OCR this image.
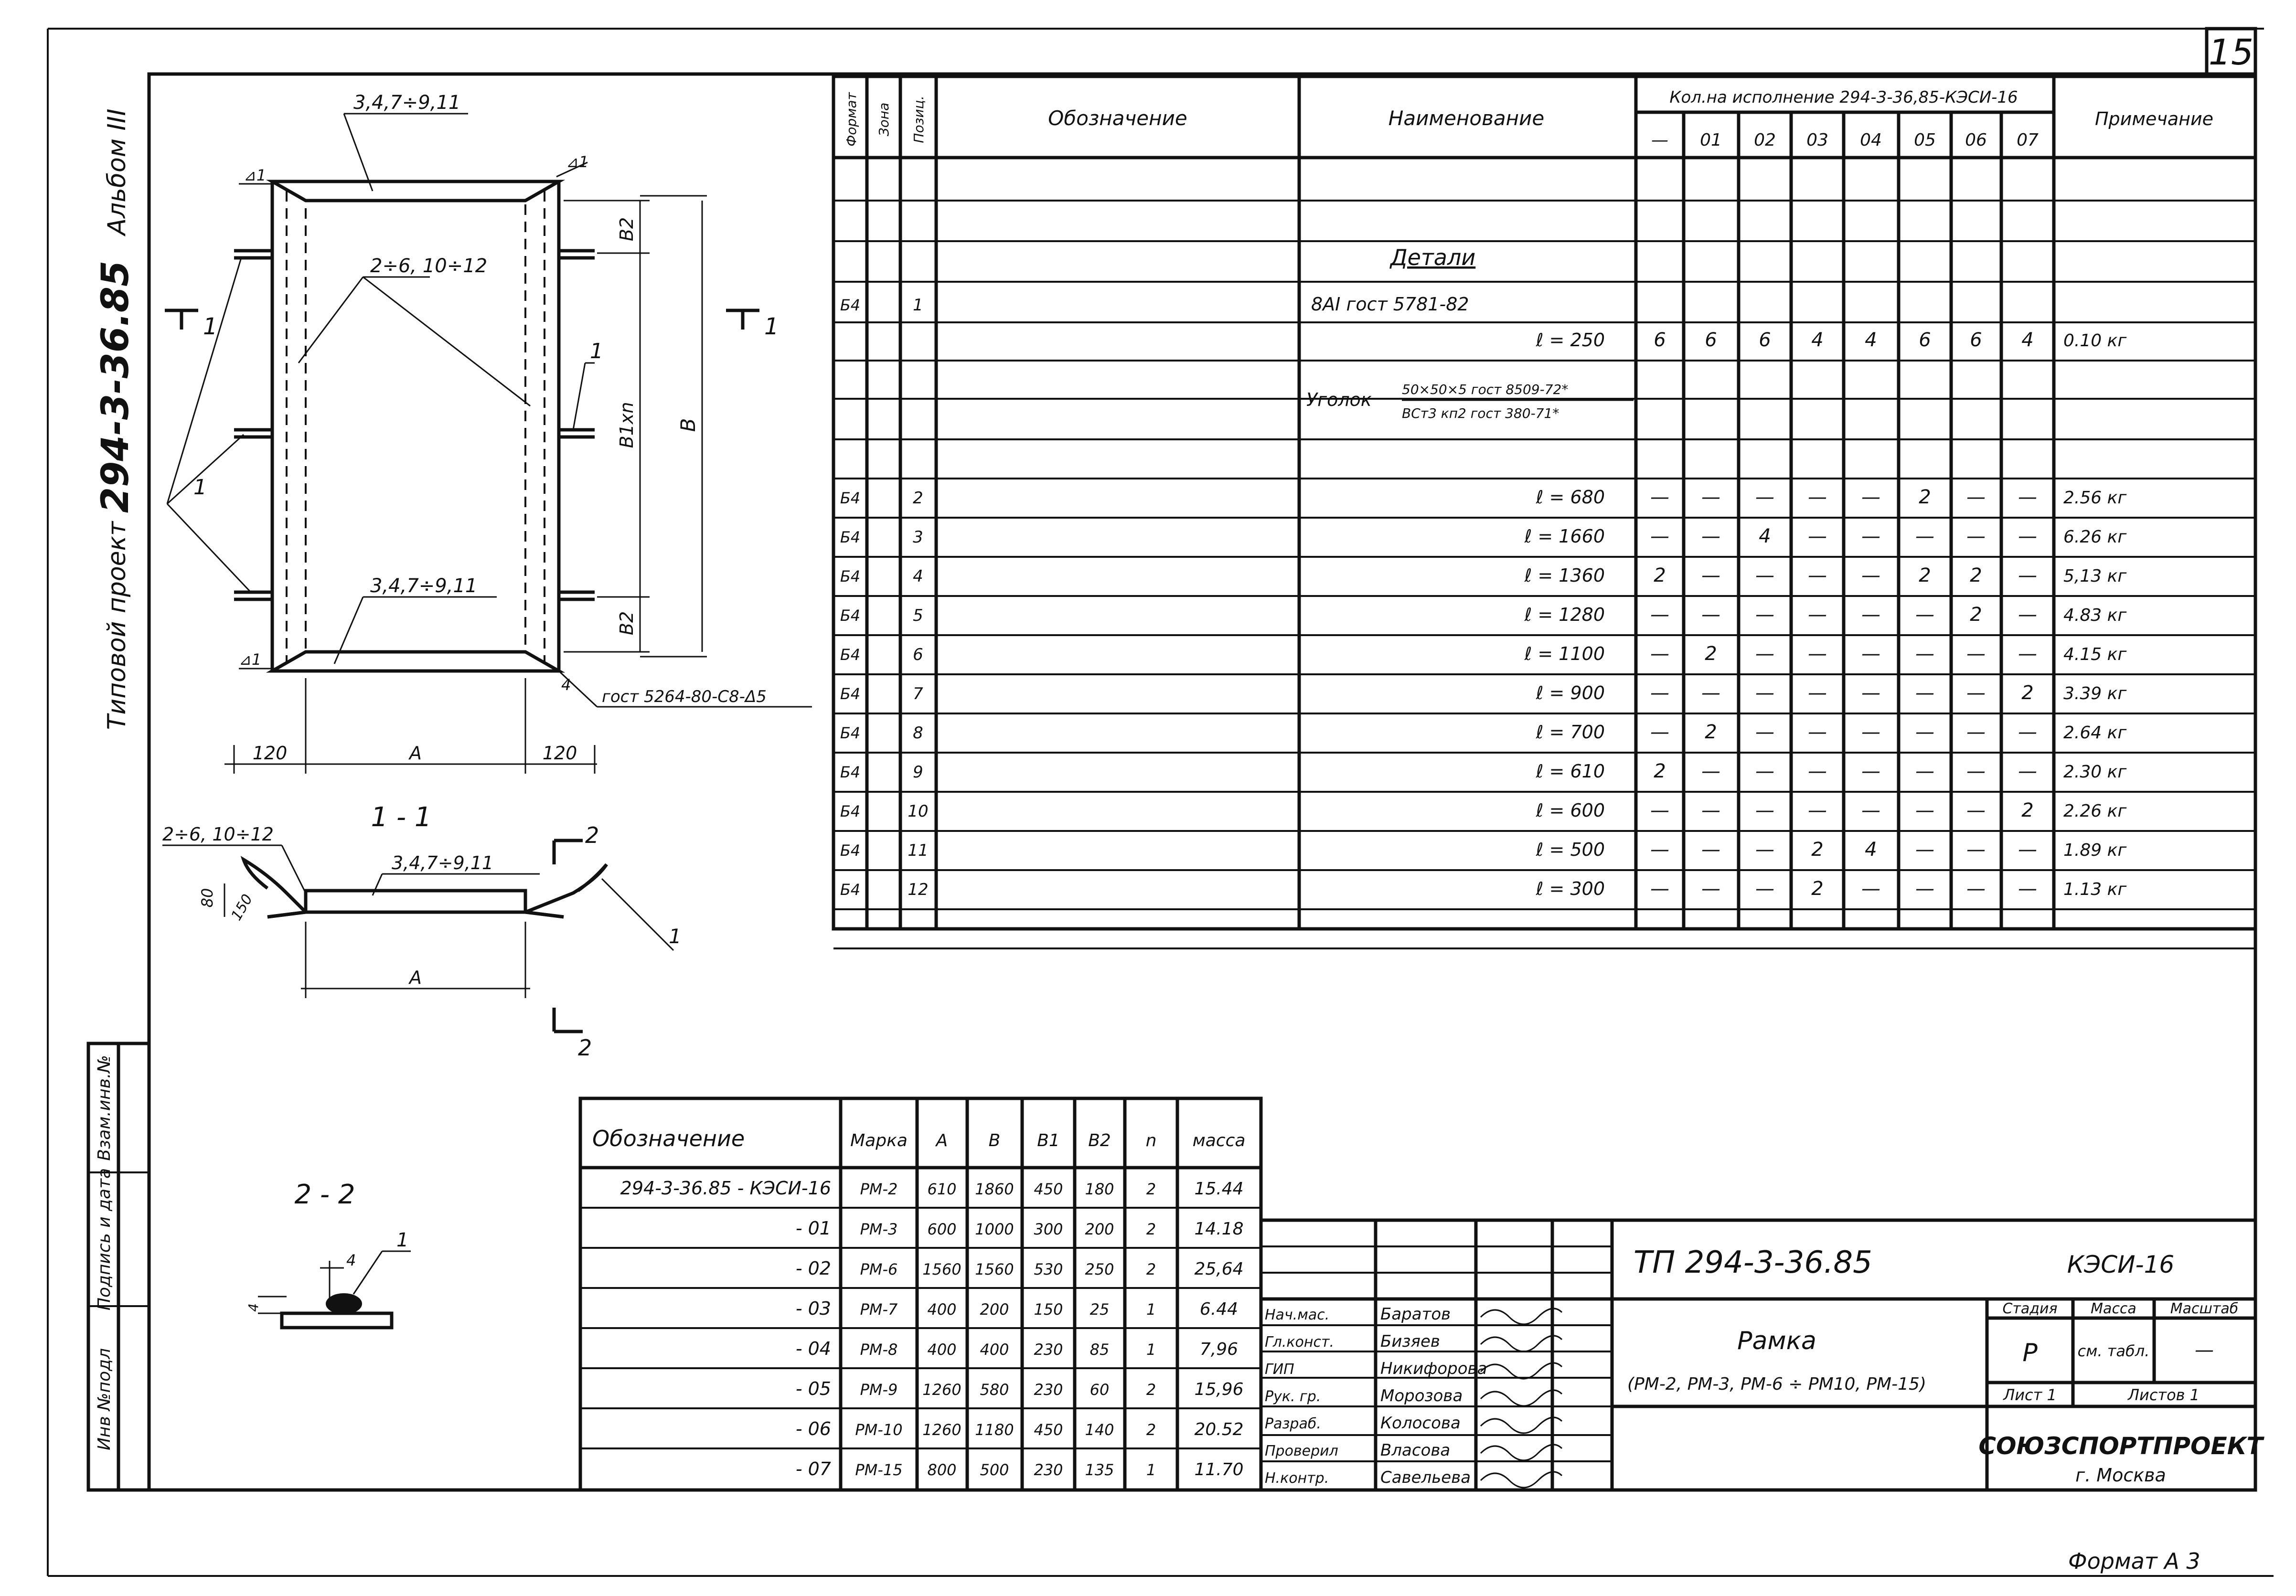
15
Инв №подл
Подпись и дата
Взам.инв.№
Типовой проект
294-3-36.85
Альбом III
3,4,7÷9,11
2÷6, 10÷12
3,4,7÷9,11
1
1
гост 5264-80-С8-Δ5
4
⊿1
⊿1
⊿1
1	1
В2
В1хn
В2
В
120	А	120
1 - 1
2÷6, 10÷12
3,4,7÷9,11
1
80 150
А
2
2
2 - 2
1
4
4
Формат Зона Позиц.	Обозначение	Наименование
Кол.на исполнение 294-3-36,85-КЭСИ-16
Примечание
— 01 02 03 04 05 06 07
Детали
Б4	1	8АI гост 5781-82
Уголок 50×50×5 гост 8509-72*
ВСт3 кп2 гост 380-71*
ℓ = 250	6 6 6 4 4 6 6 4 0.10 кг
Б4	2	ℓ = 680 — — — — — 2 — — 2.56 кг
Б4	3	ℓ = 1660 — — 4 — — — — — 6.26 кг
Б4	4	ℓ = 1360	2 — — — — 2 2 — 5,13 кг
Б4	5	ℓ = 1280 — — — — — — 2 — 4.83 кг
Б4	6	ℓ = 1100 — 2 — — — — — — 4.15 кг
Б4	7	ℓ = 900 — — — — — — — 2 3.39 кг
Б4	8	ℓ = 700 — 2 — — — — — — 2.64 кг
Б4	9	ℓ = 610	2 — — — — — — — 2.30 кг
Б4	10	ℓ = 600 — — — — — — — 2 2.26 кг
Б4	11	ℓ = 500 — — — 2 4 — — — 1.89 кг
Б4	12	ℓ = 300 — — — 2 — — — — 1.13 кг
Обозначение	Марка А В В1 В2 n масса
294-3-36.85 - КЭСИ-16 РМ-2 610 1860 450 180 2 15.44
- 01 РМ-3 600 1000 300 200 2 14.18
- 02 РМ-6 1560 1560 530 250 2 25,64
- 03 РМ-7 400 200 150 25 1	6.44
- 04 РМ-8 400 400 230 85 1	7,96
- 05 РМ-9 1260 580 230 60 2 15,96
- 06 РМ-10 1260 1180 450 140 2 20.52
- 07 РМ-15 800 500 230 135 1 11.70
ТП 294-3-36.85	КЭСИ-16
Рамка
(РМ-2, РМ-3, РМ-6 ÷ РМ10, РМ-15)
Стадия Масса Масштаб
Р	см. табл. —
Лист 1	Листов 1
СОЮЗСПОРТПРОЕКТ
г. Москва
Нач.мас.	Баратов
Гл.конст.	Бизяев
ГИП	Никифорова
Рук. гр.	Морозова
Разраб.	Колосова
Проверил	Власова
Н.контр.	Савельева
Формат А 3
